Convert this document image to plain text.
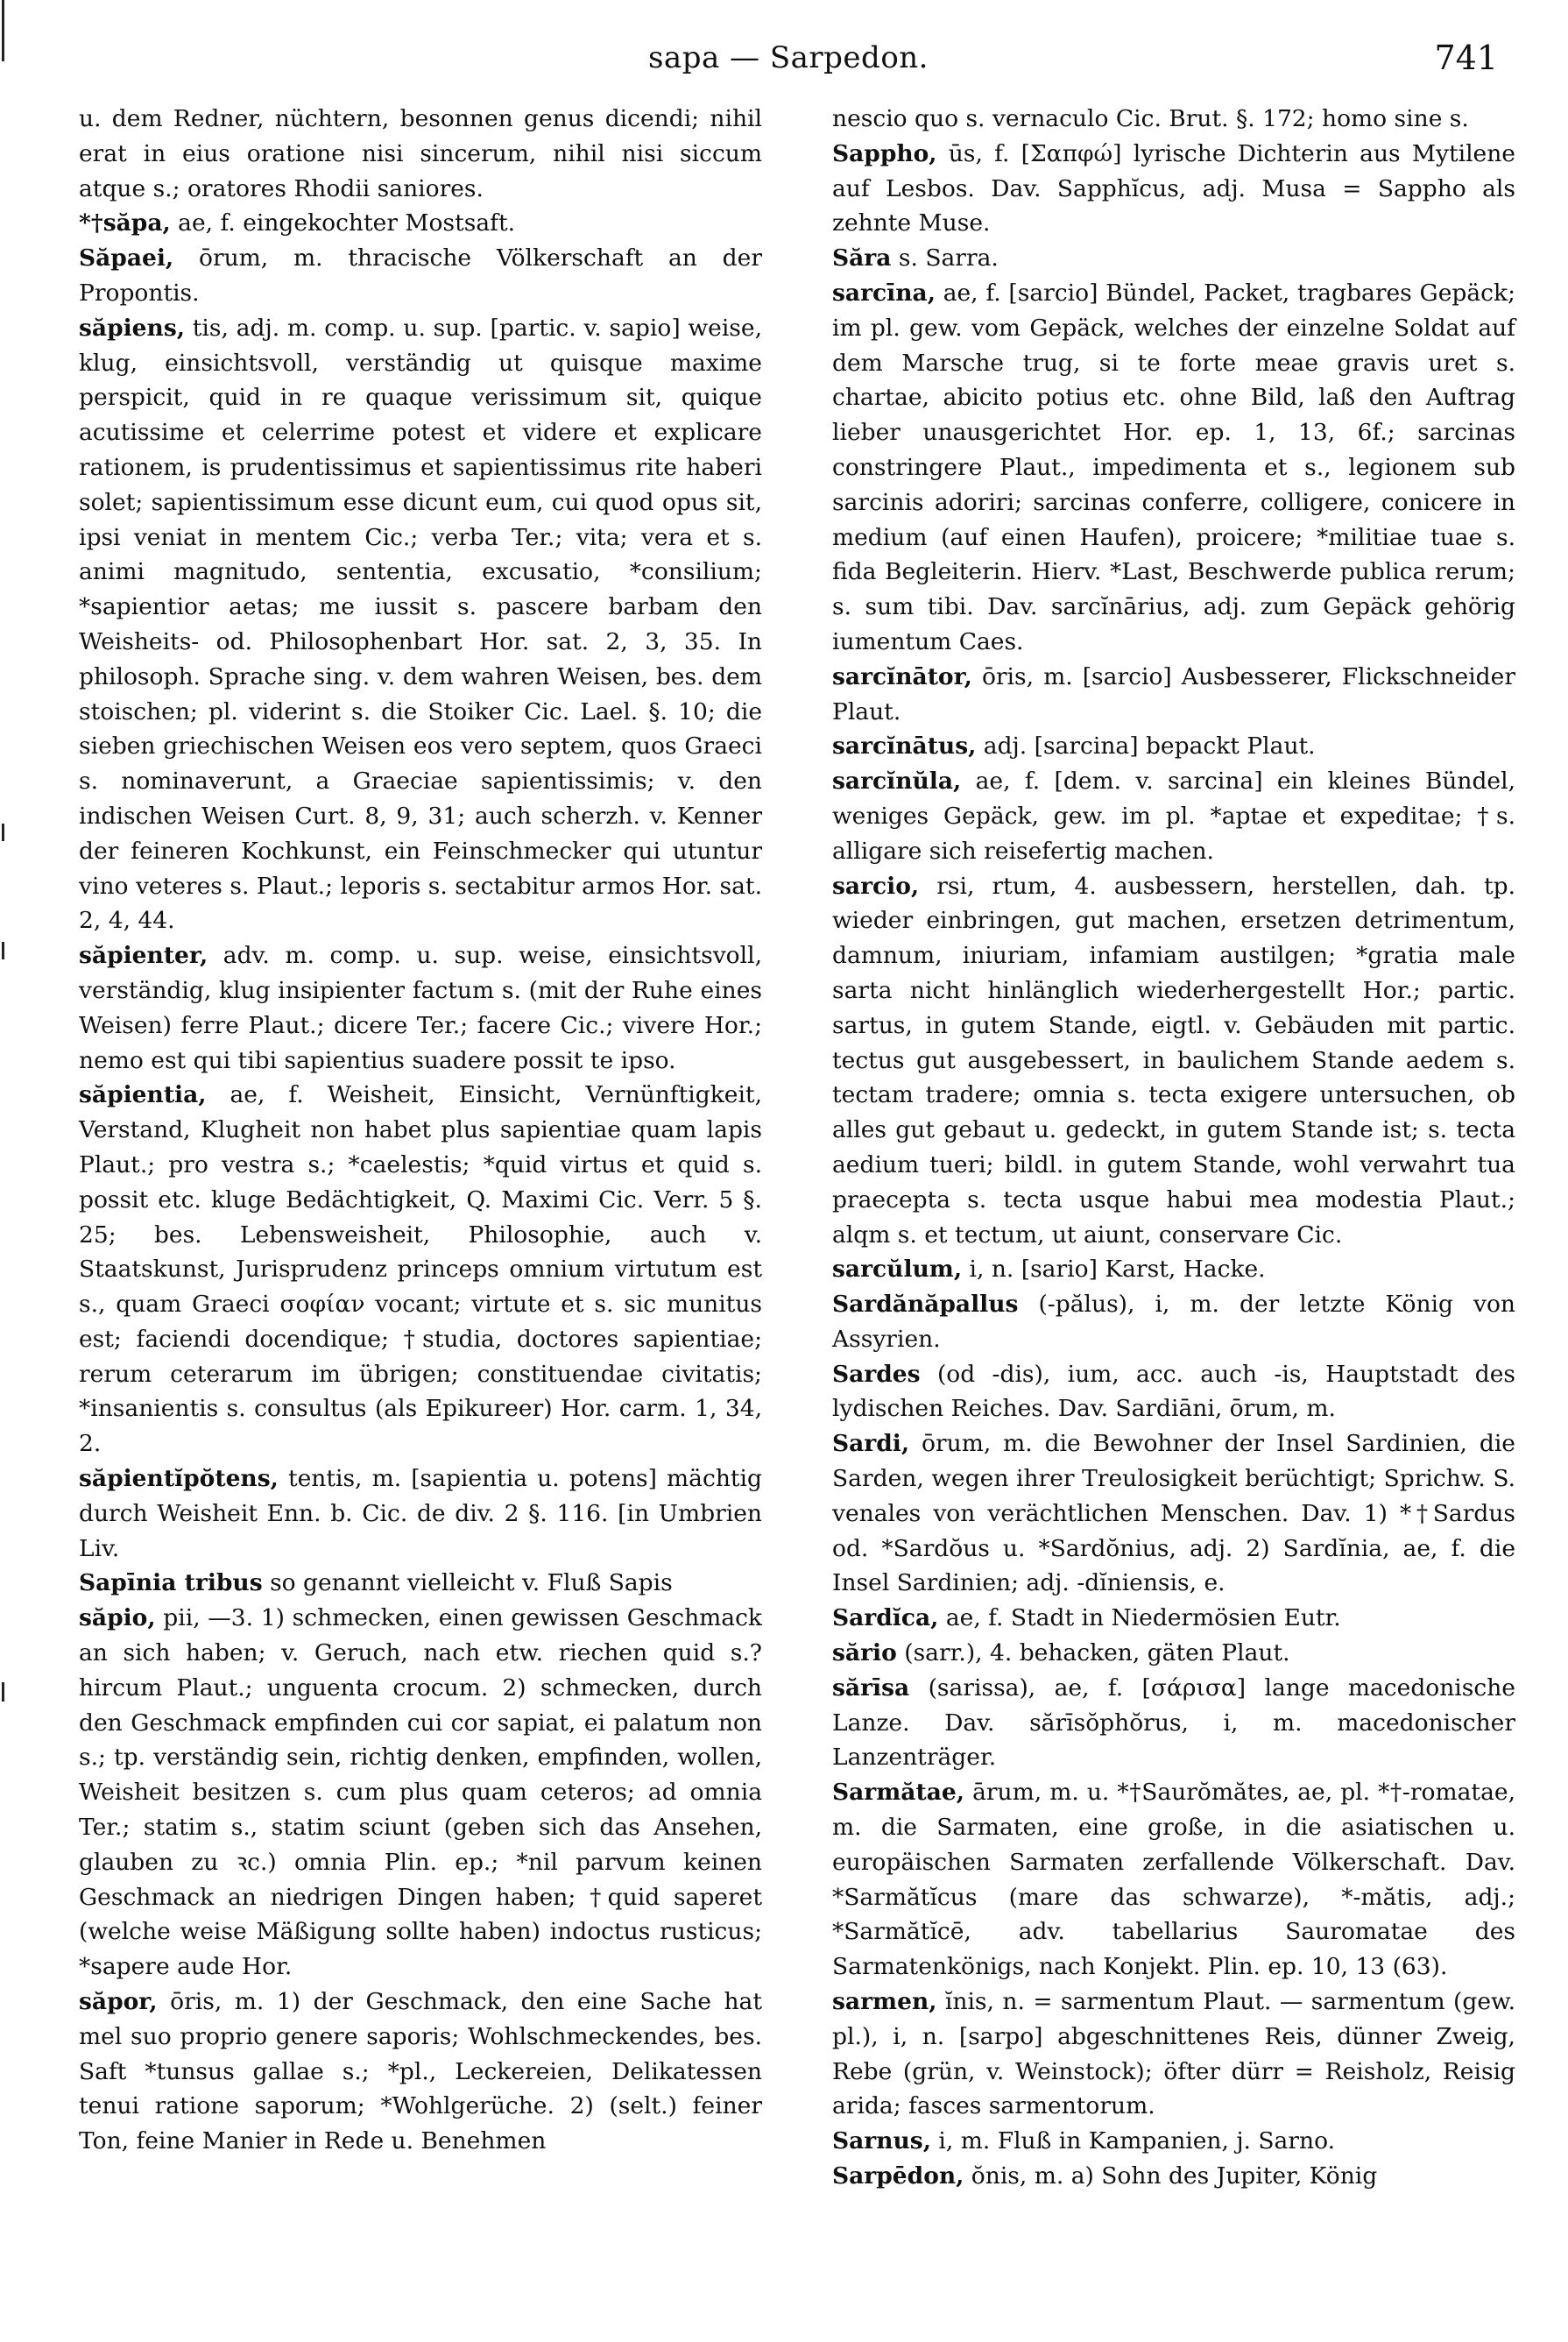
sapa — Sarpedon.	741

u. dem Redner, nüchtern, besonnen genus dicendi; nihil erat in eius oratione nisi sincerum, nihil nisi siccum atque s.; oratores Rhodii saniores.

*†săpa, ae, f. eingekochter Mostsaft.

Săpaei, ōrum, m. thracische Völkerschaft an der Propontis.

săpiens, tis, adj. m. comp. u. sup. [partic. v. sapio] weise, klug, einsichtsvoll, verständig ut quisque maxime perspicit, quid in re quaque verissimum sit, quique acutissime et celerrime potest et videre et explicare rationem, is prudentissimus et sapientissimus rite haberi solet; sapientissimum esse dicunt eum, cui quod opus sit, ipsi veniat in mentem Cic.; verba Ter.; vita; vera et s. animi magnitudo, sententia, excusatio, *consilium; *sapientior aetas; me iussit s. pascere barbam den Weisheits- od. Philosophenbart Hor. sat. 2, 3, 35. In philosoph. Sprache sing. v. dem wahren Weisen, bes. dem stoischen; pl. viderint s. die Stoiker Cic. Lael. §. 10; die sieben griechischen Weisen eos vero septem, quos Graeci s. nominaverunt, a Graeciae sapientissimis; v. den indischen Weisen Curt. 8, 9, 31; auch scherzh. v. Kenner der feineren Kochkunst, ein Feinschmecker qui utuntur vino veteres s. Plaut.; leporis s. sectabitur armos Hor. sat. 2, 4, 44.

săpienter, adv. m. comp. u. sup. weise, einsichtsvoll, verständig, klug insipienter factum s. (mit der Ruhe eines Weisen) ferre Plaut.; dicere Ter.; facere Cic.; vivere Hor.; nemo est qui tibi sapientius suadere possit te ipso.

săpientia, ae, f. Weisheit, Einsicht, Vernünftigkeit, Verstand, Klugheit non habet plus sapientiae quam lapis Plaut.; pro vestra s.; *caelestis; *quid virtus et quid s. possit etc. kluge Bedächtigkeit, Q. Maximi Cic. Verr. 5 §. 25; bes. Lebensweisheit, Philosophie, auch v. Staatskunst, Jurisprudenz princeps omnium virtutum est s., quam Graeci σοφίαν vocant; virtute et s. sic munitus est; faciendi docendique; †studia, doctores sapientiae; rerum ceterarum im übrigen; constituendae civitatis; *insanientis s. consultus (als Epikureer) Hor. carm. 1, 34, 2.

săpientĭpŏtens, tentis, m. [sapientia u. potens] mächtig durch Weisheit Enn. b. Cic. de div. 2 §. 116. [in Umbrien Liv.

Sapīnia tribus so genannt vielleicht v. Fluß Sapis

săpio, pii, —3. 1) schmecken, einen gewissen Geschmack an sich haben; v. Geruch, nach etw. riechen quid s.? hircum Plaut.; unguenta crocum. 2) schmecken, durch den Geschmack empfinden cui cor sapiat, ei palatum non s.; tp. verständig sein, richtig denken, empfinden, wollen, Weisheit besitzen s. cum plus quam ceteros; ad omnia Ter.; statim s., statim sciunt (geben sich das Ansehen, glauben zu ꝛc.) omnia Plin. ep.; *nil parvum keinen Geschmack an niedrigen Dingen haben; †quid saperet (welche weise Mäßigung sollte haben) indoctus rusticus; *sapere aude Hor.

săpor, ōris, m. 1) der Geschmack, den eine Sache hat mel suo proprio genere saporis; Wohlschmeckendes, bes. Saft *tunsus gallae s.; *pl., Leckereien, Delikatessen tenui ratione saporum; *Wohlgerüche. 2) (selt.) feiner Ton, feine Manier in Rede u. Benehmen

nescio quo s. vernaculo Cic. Brut. §. 172; homo sine s.

Sappho, ūs, f. [Σαπφώ] lyrische Dichterin aus Mytilene auf Lesbos. Dav. Sapphĭcus, adj. Musa = Sappho als zehnte Muse.

Săra s. Sarra.

sarcīna, ae, f. [sarcio] Bündel, Packet, tragbares Gepäck; im pl. gew. vom Gepäck, welches der einzelne Soldat auf dem Marsche trug, si te forte meae gravis uret s. chartae, abicito potius etc. ohne Bild, laß den Auftrag lieber unausgerichtet Hor. ep. 1, 13, 6f.; sarcinas constringere Plaut., impedimenta et s., legionem sub sarcinis adoriri; sarcinas conferre, colligere, conicere in medium (auf einen Haufen), proicere; *militiae tuae s. fida Begleiterin. Hierv. *Last, Beschwerde publica rerum; s. sum tibi. Dav. sarcĭnārius, adj. zum Gepäck gehörig iumentum Caes.

sarcĭnātor, ōris, m. [sarcio] Ausbesserer, Flickschneider Plaut.

sarcĭnātus, adj. [sarcina] bepackt Plaut.

sarcĭnŭla, ae, f. [dem. v. sarcina] ein kleines Bündel, weniges Gepäck, gew. im pl. *aptae et expeditae; †s. alligare sich reisefertig machen.

sarcio, rsi, rtum, 4. ausbessern, herstellen, dah. tp. wieder einbringen, gut machen, ersetzen detrimentum, damnum, iniuriam, infamiam austilgen; *gratia male sarta nicht hinlänglich wiederhergestellt Hor.; partic. sartus, in gutem Stande, eigtl. v. Gebäuden mit partic. tectus gut ausgebessert, in baulichem Stande aedem s. tectam tradere; omnia s. tecta exigere untersuchen, ob alles gut gebaut u. gedeckt, in gutem Stande ist; s. tecta aedium tueri; bildl. in gutem Stande, wohl verwahrt tua praecepta s. tecta usque habui mea modestia Plaut.; alqm s. et tectum, ut aiunt, conservare Cic.

sarcŭlum, i, n. [sario] Karst, Hacke.

Sardănăpallus (-pălus), i, m. der letzte König von Assyrien.

Sardes (od -dis), ium, acc. auch -is, Hauptstadt des lydischen Reiches. Dav. Sardiāni, ōrum, m.

Sardi, ōrum, m. die Bewohner der Insel Sardinien, die Sarden, wegen ihrer Treulosigkeit berüchtigt; Sprichw. S. venales von verächtlichen Menschen. Dav. 1) *†Sardus od. *Sardŏus u. *Sardŏnius, adj. 2) Sardĭnia, ae, f. die Insel Sardinien; adj. -dĭniensis, e.

Sardĭca, ae, f. Stadt in Niedermösien Eutr.

sărio (sarr.), 4. behacken, gäten Plaut.

sărīsa (sarissa), ae, f. [σάρισα] lange macedonische Lanze. Dav. sărīsŏphŏrus, i, m. macedonischer Lanzenträger.

Sarmătae, ārum, m. u. *†Saurŏmătes, ae, pl. *†-romatae, m. die Sarmaten, eine große, in die asiatischen u. europäischen Sarmaten zerfallende Völkerschaft. Dav. *Sarmătĭcus (mare das schwarze), *-mătis, adj.; *Sarmătĭcē, adv. tabellarius Sauromatae des Sarmatenkönigs, nach Konjekt. Plin. ep. 10, 13 (63).

sarmen, ĭnis, n. = sarmentum Plaut. — sarmentum (gew. pl.), i, n. [sarpo] abgeschnittenes Reis, dünner Zweig, Rebe (grün, v. Weinstock); öfter dürr = Reisholz, Reisig arida; fasces sarmentorum.

Sarnus, i, m. Fluß in Kampanien, j. Sarno.

Sarpēdon, ŏnis, m. a) Sohn des Jupiter, König
